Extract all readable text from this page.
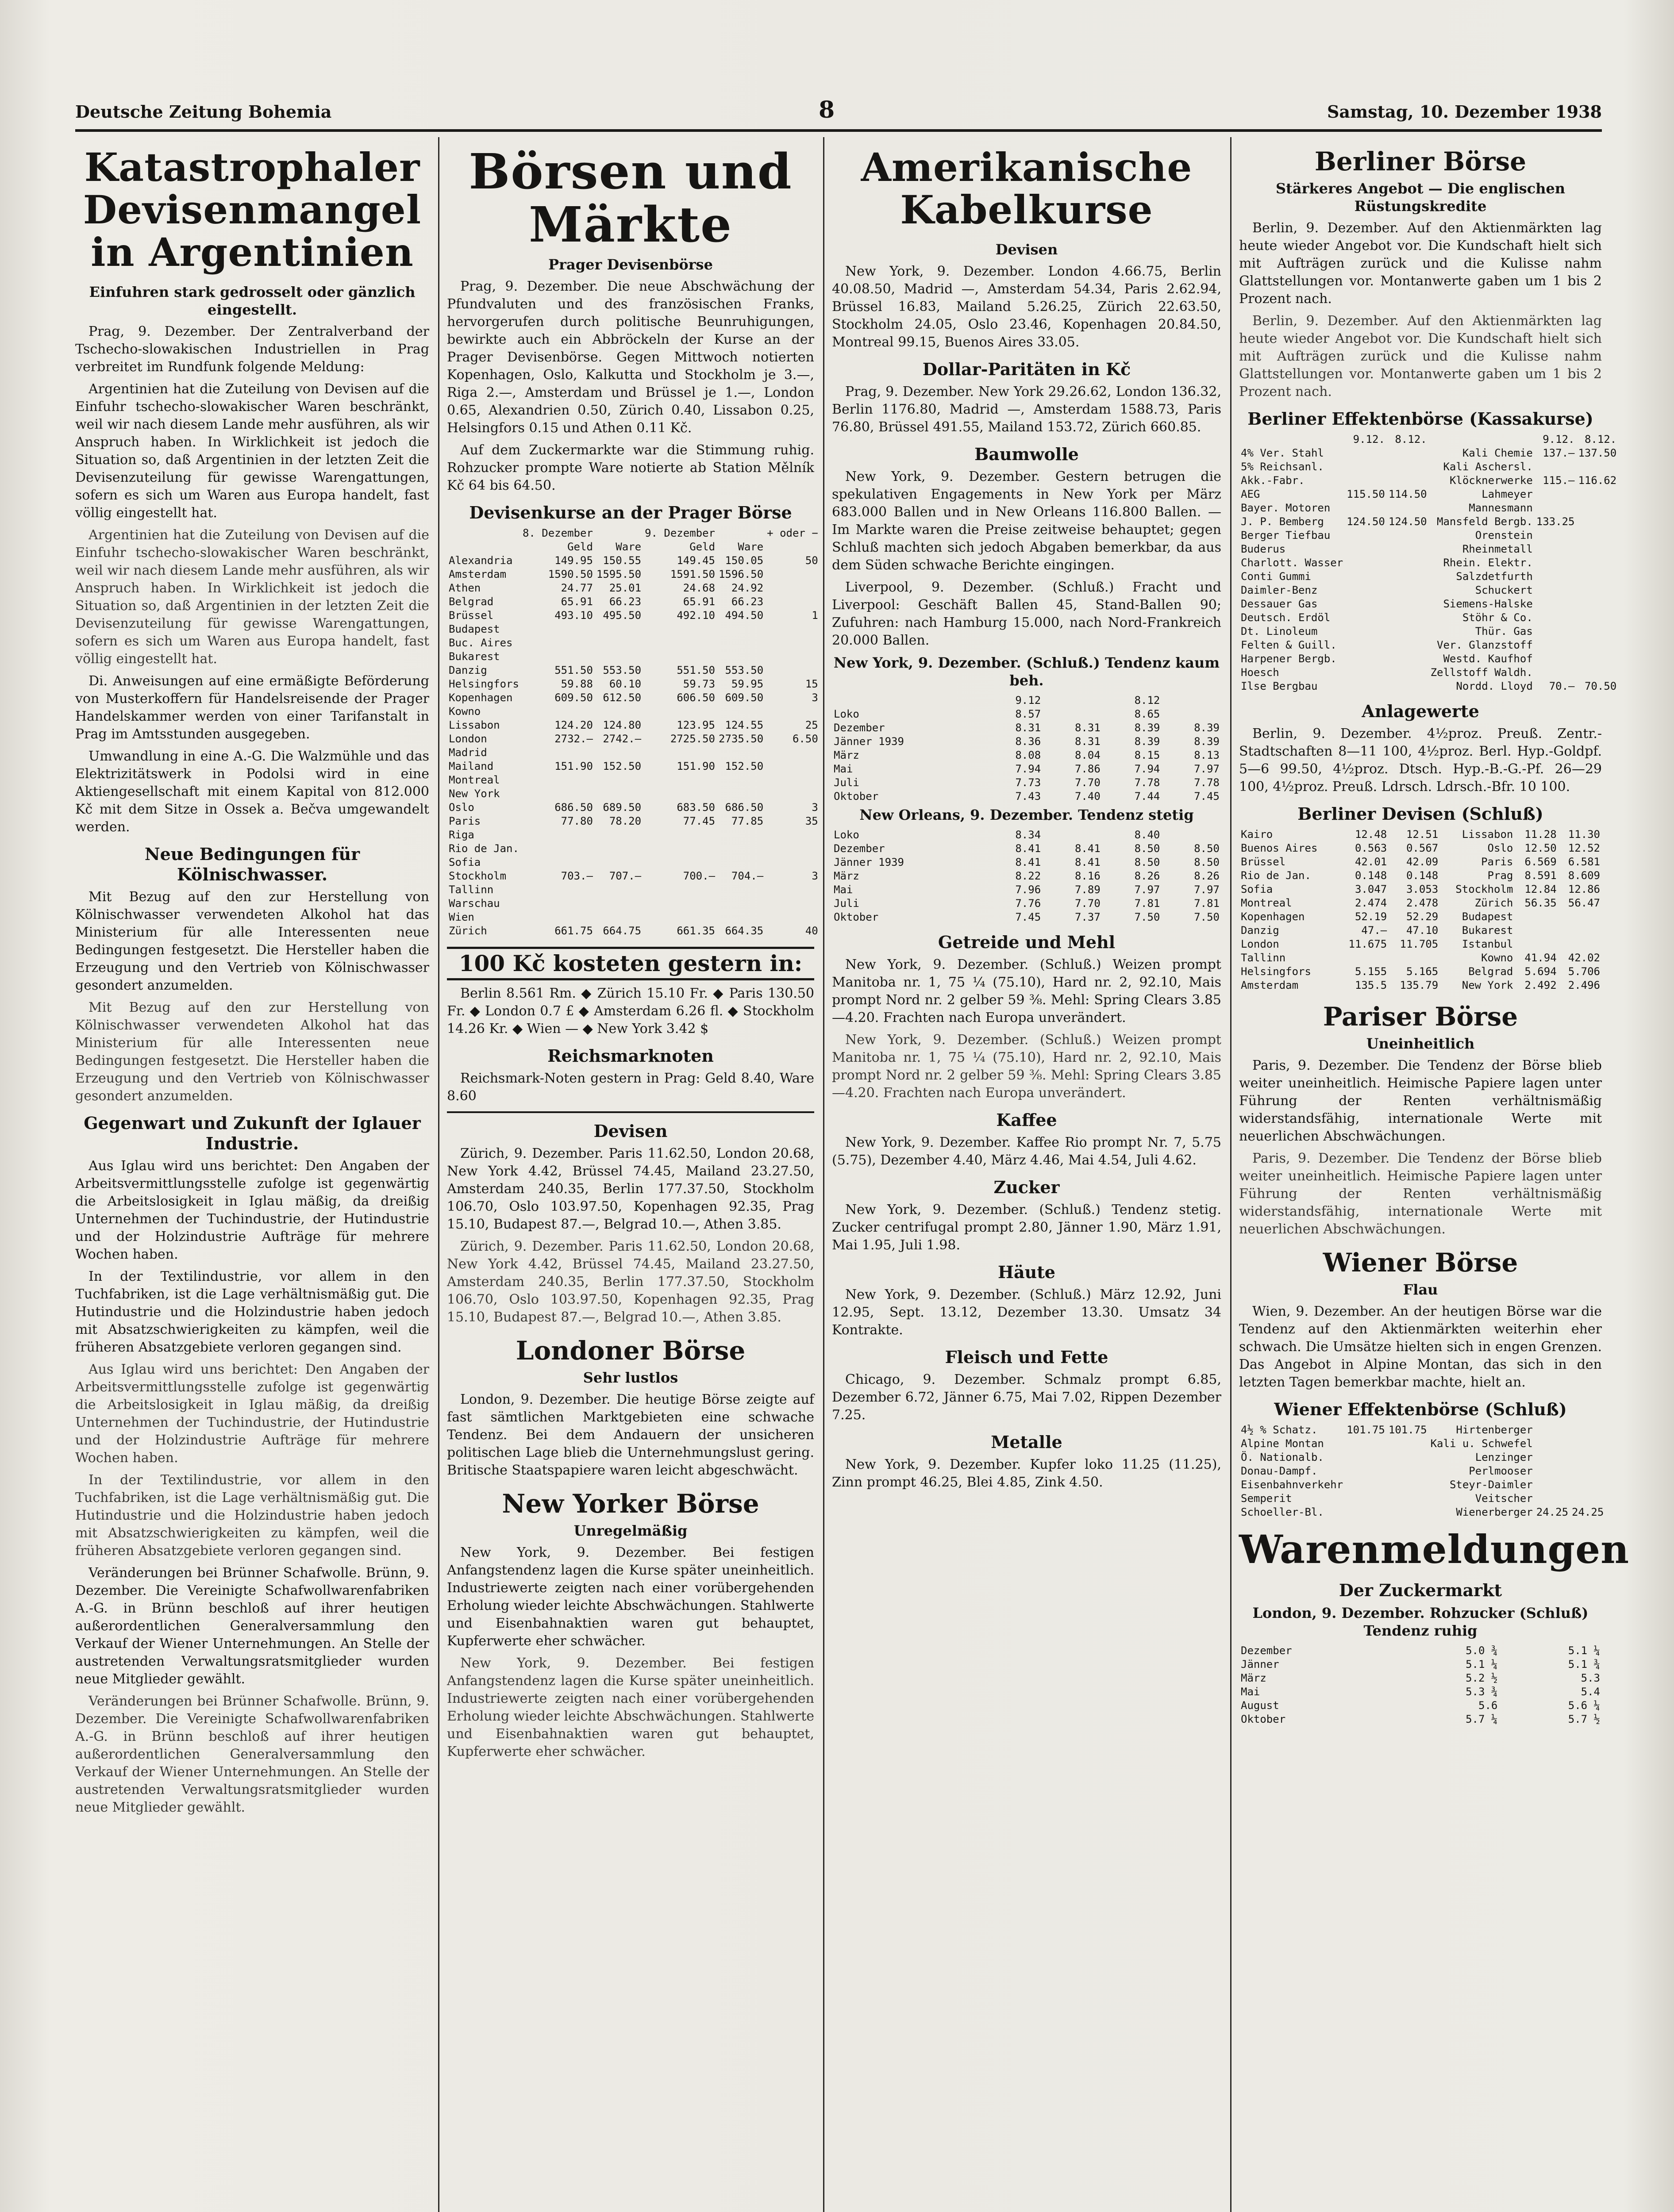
Deutsche Zeitung Bohemia	8	Samstag, 10. Dezember 1938
Katastrophaler Devisenmangel in Argentinien
Einfuhren stark gedrosselt oder gänzlich eingestellt.

Prag, 9. Dezember. Der Zentralverband der Tschecho-slowakischen Industriellen in Prag verbreitet im Rundfunk folgende Meldung:

Argentinien hat die Zuteilung von Devisen auf die Einfuhr tschecho-slowakischer Waren beschränkt, weil wir nach diesem Lande mehr ausführen, als wir Anspruch haben. In Wirklichkeit ist jedoch die Situation so, daß Argentinien in der letzten Zeit die Devisenzuteilung für gewisse Warengattungen, sofern es sich um Waren aus Europa handelt, fast völlig eingestellt hat.

Argentinien hat die Zuteilung von Devisen auf die Einfuhr tschecho-slowakischer Waren beschränkt, weil wir nach diesem Lande mehr ausführen, als wir Anspruch haben. In Wirklichkeit ist jedoch die Situation so, daß Argentinien in der letzten Zeit die Devisenzuteilung für gewisse Warengattungen, sofern es sich um Waren aus Europa handelt, fast völlig eingestellt hat.

Di. Anweisungen auf eine ermäßigte Beförderung von Musterkoffern für Handelsreisende der Prager Handelskammer werden von einer Tarifanstalt in Prag im Amtsstunden ausgegeben.

Umwandlung in eine A.-G. Die Walzmühle und das Elektrizitätswerk in Podolsi wird in eine Aktiengesellschaft mit einem Kapital von 812.000 Kč mit dem Sitze in Ossek a. Bečva umgewandelt werden.

Neue Bedingungen für Kölnischwasser.

Mit Bezug auf den zur Herstellung von Kölnischwasser verwendeten Alkohol hat das Ministerium für alle Interessenten neue Bedingungen festgesetzt. Die Hersteller haben die Erzeugung und den Vertrieb von Kölnischwasser gesondert anzumelden.

Mit Bezug auf den zur Herstellung von Kölnischwasser verwendeten Alkohol hat das Ministerium für alle Interessenten neue Bedingungen festgesetzt. Die Hersteller haben die Erzeugung und den Vertrieb von Kölnischwasser gesondert anzumelden.

Gegenwart und Zukunft der Iglauer Industrie.

Aus Iglau wird uns berichtet: Den Angaben der Arbeitsvermittlungsstelle zufolge ist gegenwärtig die Arbeitslosigkeit in Iglau mäßig, da dreißig Unternehmen der Tuchindustrie, der Hutindustrie und der Holzindustrie Aufträge für mehrere Wochen haben.

In der Textilindustrie, vor allem in den Tuchfabriken, ist die Lage verhältnismäßig gut. Die Hutindustrie und die Holzindustrie haben jedoch mit Absatzschwierigkeiten zu kämpfen, weil die früheren Absatzgebiete verloren gegangen sind.

Aus Iglau wird uns berichtet: Den Angaben der Arbeitsvermittlungsstelle zufolge ist gegenwärtig die Arbeitslosigkeit in Iglau mäßig, da dreißig Unternehmen der Tuchindustrie, der Hutindustrie und der Holzindustrie Aufträge für mehrere Wochen haben.

In der Textilindustrie, vor allem in den Tuchfabriken, ist die Lage verhältnismäßig gut. Die Hutindustrie und die Holzindustrie haben jedoch mit Absatzschwierigkeiten zu kämpfen, weil die früheren Absatzgebiete verloren gegangen sind.

Veränderungen bei Brünner Schafwolle. Brünn, 9. Dezember. Die Vereinigte Schafwollwarenfabriken A.-G. in Brünn beschloß auf ihrer heutigen außerordentlichen Generalversammlung den Verkauf der Wiener Unternehmungen. An Stelle der austretenden Verwaltungsratsmitglieder wurden neue Mitglieder gewählt.

Veränderungen bei Brünner Schafwolle. Brünn, 9. Dezember. Die Vereinigte Schafwollwarenfabriken A.-G. in Brünn beschloß auf ihrer heutigen außerordentlichen Generalversammlung den Verkauf der Wiener Unternehmungen. An Stelle der austretenden Verwaltungsratsmitglieder wurden neue Mitglieder gewählt.

Börsen und Märkte
Prager Devisenbörse

Prag, 9. Dezember. Die neue Abschwächung der Pfundvaluten und des französischen Franks, hervorgerufen durch politische Beunruhigungen, bewirkte auch ein Abbröckeln der Kurse an der Prager Devisenbörse. Gegen Mittwoch notierten Kopenhagen, Oslo, Kalkutta und Stockholm je 3.—, Riga 2.—, Amsterdam und Brüssel je 1.—, London 0.65, Alexandrien 0.50, Zürich 0.40, Lissabon 0.25, Helsingfors 0.15 und Athen 0.11 Kč.

Auf dem Zuckermarkte war die Stimmung ruhig. Rohzucker prompte Ware notierte ab Station Mělník Kč 64 bis 64.50.

Devisenkurse an der Prager Börse
	8. Dezember		9. Dezember		+ oder −
	Geld	Ware	Geld	Ware	
Alexandria	149.95	150.55	149.45	150.05	50
Amsterdam	1590.50	1595.50	1591.50	1596.50	
Athen	24.77	25.01	24.68	24.92	
Belgrad	65.91	66.23	65.91	66.23	
Brüssel	493.10	495.50	492.10	494.50	1
Budapest					
Buc. Aires					
Bukarest					
Danzig	551.50	553.50	551.50	553.50	
Helsingfors	59.88	60.10	59.73	59.95	15
Kopenhagen	609.50	612.50	606.50	609.50	3
Kowno					
Lissabon	124.20	124.80	123.95	124.55	25
London	2732.—	2742.—	2725.50	2735.50	6.50
Madrid					
Mailand	151.90	152.50	151.90	152.50	
Montreal					
New York					
Oslo	686.50	689.50	683.50	686.50	3
Paris	77.80	78.20	77.45	77.85	35
Riga					
Rio de Jan.					
Sofia					
Stockholm	703.—	707.—	700.—	704.—	3
Tallinn					
Warschau					
Wien					
Zürich	661.75	664.75	661.35	664.35	40
100 Kč kosteten gestern in:

Berlin 8.561 Rm. ◆ Zürich 15.10 Fr. ◆ Paris 130.50 Fr. ◆ London 0.7 £ ◆ Amsterdam 6.26 fl. ◆ Stockholm 14.26 Kr. ◆ Wien — ◆ New York 3.42 $

Reichsmarknoten

Reichsmark-Noten gestern in Prag: Geld 8.40, Ware 8.60

Devisen

Zürich, 9. Dezember. Paris 11.62.50, London 20.68, New York 4.42, Brüssel 74.45, Mailand 23.27.50, Amsterdam 240.35, Berlin 177.37.50, Stockholm 106.70, Oslo 103.97.50, Kopenhagen 92.35, Prag 15.10, Budapest 87.—, Belgrad 10.—, Athen 3.85.

Zürich, 9. Dezember. Paris 11.62.50, London 20.68, New York 4.42, Brüssel 74.45, Mailand 23.27.50, Amsterdam 240.35, Berlin 177.37.50, Stockholm 106.70, Oslo 103.97.50, Kopenhagen 92.35, Prag 15.10, Budapest 87.—, Belgrad 10.—, Athen 3.85.

Londoner Börse
Sehr lustlos

London, 9. Dezember. Die heutige Börse zeigte auf fast sämtlichen Marktgebieten eine schwache Tendenz. Bei dem Andauern der unsicheren politischen Lage blieb die Unternehmungslust gering. Britische Staatspapiere waren leicht abgeschwächt.

New Yorker Börse
Unregelmäßig

New York, 9. Dezember. Bei festigen Anfangstendenz lagen die Kurse später uneinheitlich. Industriewerte zeigten nach einer vorübergehenden Erholung wieder leichte Abschwächungen. Stahlwerte und Eisenbahnaktien waren gut behauptet, Kupferwerte eher schwächer.

New York, 9. Dezember. Bei festigen Anfangstendenz lagen die Kurse später uneinheitlich. Industriewerte zeigten nach einer vorübergehenden Erholung wieder leichte Abschwächungen. Stahlwerte und Eisenbahnaktien waren gut behauptet, Kupferwerte eher schwächer.

Amerikanische Kabelkurse
Devisen

New York, 9. Dezember. London 4.66.75, Berlin 40.08.50, Madrid —, Amsterdam 54.34, Paris 2.62.94, Brüssel 16.83, Mailand 5.26.25, Zürich 22.63.50, Stockholm 24.05, Oslo 23.46, Kopenhagen 20.84.50, Montreal 99.15, Buenos Aires 33.05.

Dollar-Paritäten in Kč

Prag, 9. Dezember. New York 29.26.62, London 136.32, Berlin 1176.80, Madrid —, Amsterdam 1588.73, Paris 76.80, Brüssel 491.55, Mailand 153.72, Zürich 660.85.

Baumwolle

New York, 9. Dezember. Gestern betrugen die spekulativen Engagements in New York per März 683.000 Ballen und in New Orleans 116.800 Ballen. — Im Markte waren die Preise zeitweise behauptet; gegen Schluß machten sich jedoch Abgaben bemerkbar, da aus dem Süden schwache Berichte eingingen.

Liverpool, 9. Dezember. (Schluß.) Fracht und Liverpool: Geschäft Ballen 45, Stand-Ballen 90; Zufuhren: nach Hamburg 15.000, nach Nord-Frankreich 20.000 Ballen.

New York, 9. Dezember. (Schluß.) Tendenz kaum beh.
	9.12		8.12	
Loko	8.57		8.65	
Dezember	8.31	8.31	8.39	8.39
Jänner 1939	8.36	8.31	8.39	8.39
März	8.08	8.04	8.15	8.13
Mai	7.94	7.86	7.94	7.97
Juli	7.73	7.70	7.78	7.78
Oktober	7.43	7.40	7.44	7.45
New Orleans, 9. Dezember. Tendenz stetig
Loko	8.34		8.40	
Dezember	8.41	8.41	8.50	8.50
Jänner 1939	8.41	8.41	8.50	8.50
März	8.22	8.16	8.26	8.26
Mai	7.96	7.89	7.97	7.97
Juli	7.76	7.70	7.81	7.81
Oktober	7.45	7.37	7.50	7.50
Getreide und Mehl

New York, 9. Dezember. (Schluß.) Weizen prompt Manitoba nr. 1, 75 ¼ (75.10), Hard nr. 2, 92.10, Mais prompt Nord nr. 2 gelber 59 ⅜. Mehl: Spring Clears 3.85—4.20. Frachten nach Europa unverändert.

New York, 9. Dezember. (Schluß.) Weizen prompt Manitoba nr. 1, 75 ¼ (75.10), Hard nr. 2, 92.10, Mais prompt Nord nr. 2 gelber 59 ⅜. Mehl: Spring Clears 3.85—4.20. Frachten nach Europa unverändert.

Kaffee

New York, 9. Dezember. Kaffee Rio prompt Nr. 7, 5.75 (5.75), Dezember 4.40, März 4.46, Mai 4.54, Juli 4.62.

Zucker

New York, 9. Dezember. (Schluß.) Tendenz stetig. Zucker centrifugal prompt 2.80, Jänner 1.90, März 1.91, Mai 1.95, Juli 1.98.

Häute

New York, 9. Dezember. (Schluß.) März 12.92, Juni 12.95, Sept. 13.12, Dezember 13.30. Umsatz 34 Kontrakte.

Fleisch und Fette

Chicago, 9. Dezember. Schmalz prompt 6.85, Dezember 6.72, Jänner 6.75, Mai 7.02, Rippen Dezember 7.25.

Metalle

New York, 9. Dezember. Kupfer loko 11.25 (11.25), Zinn prompt 46.25, Blei 4.85, Zink 4.50.

Berliner Börse
Stärkeres Angebot — Die englischen Rüstungskredite

Berlin, 9. Dezember. Auf den Aktienmärkten lag heute wieder Angebot vor. Die Kundschaft hielt sich mit Aufträgen zurück und die Kulisse nahm Glattstellungen vor. Montanwerte gaben um 1 bis 2 Prozent nach.

Berlin, 9. Dezember. Auf den Aktienmärkten lag heute wieder Angebot vor. Die Kundschaft hielt sich mit Aufträgen zurück und die Kulisse nahm Glattstellungen vor. Montanwerte gaben um 1 bis 2 Prozent nach.

Berliner Effektenbörse (Kassakurse)
	9.12.	8.12.		9.12.	8.12.
4% Ver. Stahl			Kali Chemie	137.—	137.50
5% Reichsanl.			Kali Aschersl.		
Akk.-Fabr.			Klöcknerwerke	115.—	116.62
AEG	115.50	114.50	Lahmeyer		
Bayer. Motoren			Mannesmann		
J. P. Bemberg	124.50	124.50	Mansfeld Bergb.	133.25	
Berger Tiefbau			Orenstein		
Buderus			Rheinmetall		
Charlott. Wasser			Rhein. Elektr.		
Conti Gummi			Salzdetfurth		
Daimler-Benz			Schuckert		
Dessauer Gas			Siemens-Halske		
Deutsch. Erdöl			Stöhr & Co.		
Dt. Linoleum			Thür. Gas		
Felten & Guill.			Ver. Glanzstoff		
Harpener Bergb.			Westd. Kaufhof		
Hoesch			Zellstoff Waldh.		
Ilse Bergbau			Nordd. Lloyd	70.—	70.50
Anlagewerte

Berlin, 9. Dezember. 4½proz. Preuß. Zentr.-Stadtschaften 8—11 100, 4½proz. Berl. Hyp.-Goldpf. 5—6 99.50, 4½proz. Dtsch. Hyp.-B.-G.-Pf. 26—29 100, 4½proz. Preuß. Ldrsch. Ldrsch.-Bfr. 10 100.

Berliner Devisen (Schluß)
Kairo	12.48	12.51	Lissabon	11.28	11.30
Buenos Aires	0.563	0.567	Oslo	12.50	12.52
Brüssel	42.01	42.09	Paris	6.569	6.581
Rio de Jan.	0.148	0.148	Prag	8.591	8.609
Sofia	3.047	3.053	Stockholm	12.84	12.86
Montreal	2.474	2.478	Zürich	56.35	56.47
Kopenhagen	52.19	52.29	Budapest		
Danzig	47.—	47.10	Bukarest		
London	11.675	11.705	Istanbul		
Tallinn			Kowno	41.94	42.02
Helsingfors	5.155	5.165	Belgrad	5.694	5.706
Amsterdam	135.5	135.79	New York	2.492	2.496
Pariser Börse
Uneinheitlich

Paris, 9. Dezember. Die Tendenz der Börse blieb weiter uneinheitlich. Heimische Papiere lagen unter Führung der Renten verhältnismäßig widerstandsfähig, internationale Werte mit neuerlichen Abschwächungen.

Paris, 9. Dezember. Die Tendenz der Börse blieb weiter uneinheitlich. Heimische Papiere lagen unter Führung der Renten verhältnismäßig widerstandsfähig, internationale Werte mit neuerlichen Abschwächungen.

Wiener Börse
Flau

Wien, 9. Dezember. An der heutigen Börse war die Tendenz auf den Aktienmärkten weiterhin eher schwach. Die Umsätze hielten sich in engen Grenzen. Das Angebot in Alpine Montan, das sich in den letzten Tagen bemerkbar machte, hielt an.

Wiener Effektenbörse (Schluß)
4½ % Schatz.	101.75	101.75	Hirtenberger		
Alpine Montan			Kali u. Schwefel		
Ö. Nationalb.			Lenzinger		
Donau-Dampf.			Perlmooser		
Eisenbahnverkehr			Steyr-Daimler		
Semperit			Veitscher		
Schoeller-Bl.			Wienerberger	24.25	24.25
Warenmeldungen
Der Zuckermarkt
London, 9. Dezember. Rohzucker (Schluß) Tendenz ruhig
Dezember	5.0 ¾	5.1 ¼
Jänner	5.1 ¼	5.1 ¾
März	5.2 ½	5.3
Mai	5.3 ¾	5.4
August	5.6	5.6 ¼
Oktober	5.7 ¼	5.7 ½
